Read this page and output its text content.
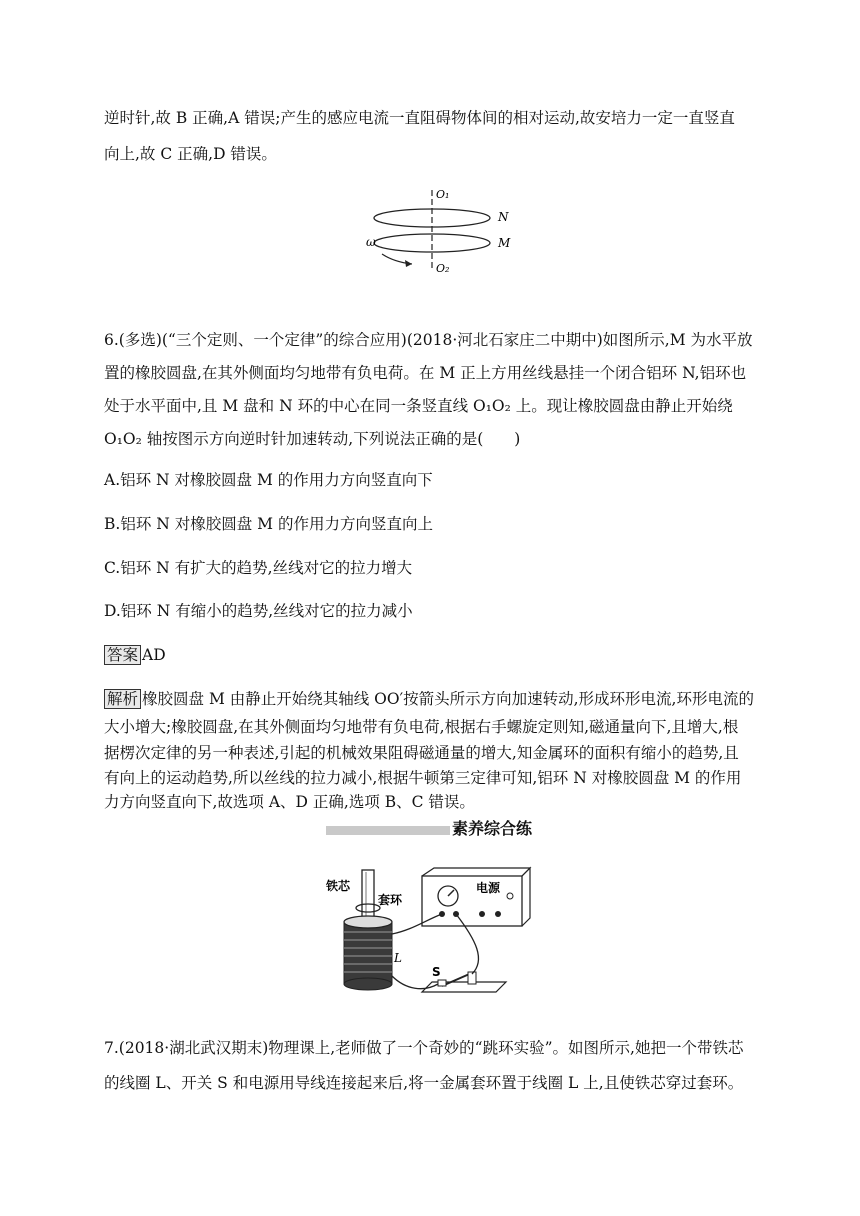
逆时针,故 B 正确,A 错误;产生的感应电流一直阻碍物体间的相对运动,故安培力一定一直竖直
向上,故 C 正确,D 错误。
O₁
O₂
N
M
ω
6.(多选)(“三个定则、一个定律”的综合应用)(2018·河北石家庄二中期中)如图所示,M 为水平放
置的橡胶圆盘,在其外侧面均匀地带有负电荷。在 M 正上方用丝线悬挂一个闭合铝环 N,铝环也
处于水平面中,且 M 盘和 N 环的中心在同一条竖直线 O₁O₂ 上。现让橡胶圆盘由静止开始绕
O₁O₂ 轴按图示方向逆时针加速转动,下列说法正确的是(　　)
A.铝环 N 对橡胶圆盘 M 的作用力方向竖直向下
B.铝环 N 对橡胶圆盘 M 的作用力方向竖直向上
C.铝环 N 有扩大的趋势,丝线对它的拉力增大
D.铝环 N 有缩小的趋势,丝线对它的拉力减小
答案 AD
解析 橡胶圆盘 M 由静止开始绕其轴线 OO′按箭头所示方向加速转动,形成环形电流,环形电流的
大小增大;橡胶圆盘,在其外侧面均匀地带有负电荷,根据右手螺旋定则知,磁通量向下,且增大,根
据楞次定律的另一种表述,引起的机械效果阻碍磁通量的增大,知金属环的面积有缩小的趋势,且
有向上的运动趋势,所以丝线的拉力减小,根据牛顿第三定律可知,铝环 N 对橡胶圆盘 M 的作用
素养综合练
电源
铁芯
套环
L
S
7.(2018·湖北武汉期末)物理课上,老师做了一个奇妙的“跳环实验”。如图所示,她把一个带铁芯
的线圈 L、开关 S 和电源用导线连接起来后,将一金属套环置于线圈 L 上,且使铁芯穿过套环。
力方向竖直向下,故选项 A、D 正确,选项 B、C 错误。
